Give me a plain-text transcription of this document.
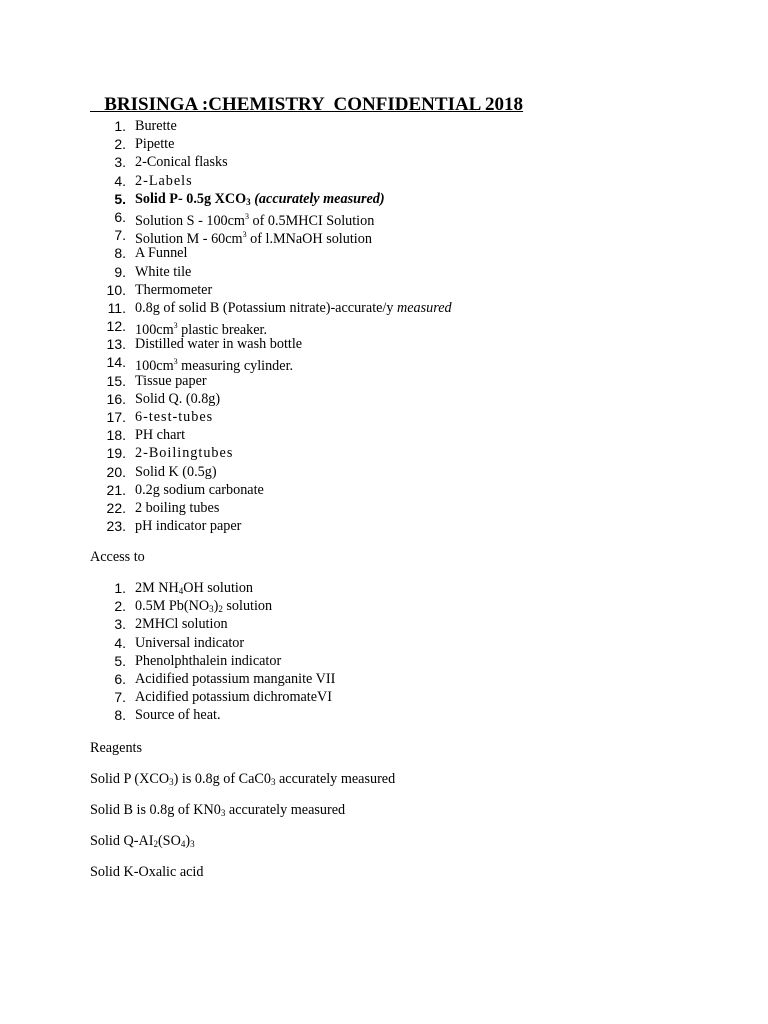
BRISINGA :CHEMISTRY  CONFIDENTIAL 2018
1. Burette
2. Pipette
3. 2-Conical flasks
4. 2-Labels
5. Solid P- 0.5g $XCO_3$ (accurately measured)
6. Solution S - $100cm^3$ of 0.5MHCI Solution
7. Solution M - $60cm^3$ of l.MNaOH solution
8. A Funnel
9. White tile
10. Thermometer
11. 0.8g of solid B (Potassium nitrate)-accurate/y measured
12. $100cm^3$ plastic breaker.
13. Distilled water in wash bottle
14. $100cm^3$ measuring cylinder.
15. Tissue paper
16. Solid Q. (0.8g)
17. 6-test-tubes
18. PH chart
19. 2-Boilingtubes
20. Solid K (0.5g)
21. 0.2g sodium carbonate
22. 2 boiling tubes
23. pH indicator paper
Access to
1. 2M $NH_4OH$ solution
2. 0.5M $Pb(NO_3)_2$ solution
3. 2MHCl solution
4. Universal indicator
5. Phenolphthalein indicator
6. Acidified potassium manganite VII
7. Acidified potassium dichromateVI
8. Source of heat.
Reagents
Solid P $(XCO_3)$ is 0.8g of $CaC0_3$ accurately measured
Solid B is 0.8g of $KN0_3$ accurately measured
Solid $Q-AI_2(SO_4)_3$
Solid K-Oxalic acid
